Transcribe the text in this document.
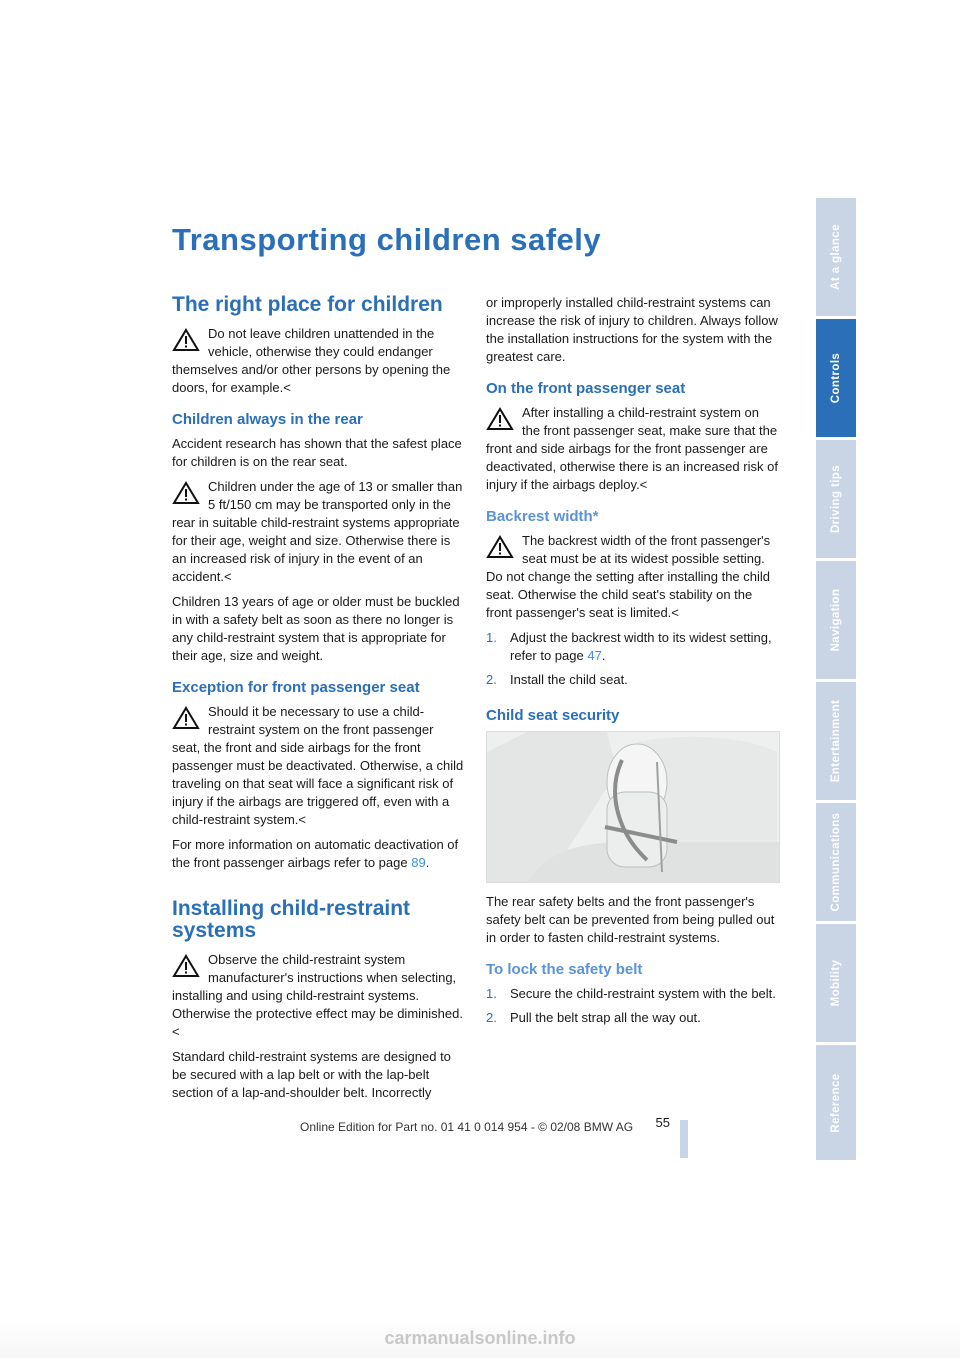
Transporting children safely
The right place for children

Do not leave children unattended in the vehicle, otherwise they could endanger themselves and/or other persons by opening the doors, for example.<

Children always in the rear

Accident research has shown that the safest place for children is on the rear seat.

Children under the age of 13 or smaller than 5 ft/150 cm may be transported only in the rear in suitable child-restraint systems appropriate for their age, weight and size. Otherwise there is an increased risk of injury in the event of an accident.<

Children 13 years of age or older must be buckled in with a safety belt as soon as there no longer is any child-restraint system that is appropriate for their age, size and weight.

Exception for front passenger seat

Should it be necessary to use a child-restraint system on the front passenger seat, the front and side airbags for the front passenger must be deactivated. Otherwise, a child traveling on that seat will face a significant risk of injury if the airbags are triggered off, even with a child-restraint system.<

For more information on automatic deactivation of the front passenger airbags refer to page 89.

Installing child-restraint systems

Observe the child-restraint system manufacturer's instructions when selecting, installing and using child-restraint systems. Otherwise the protective effect may be diminished. <

Standard child-restraint systems are designed to be secured with a lap belt or with the lap-belt section of a lap-and-shoulder belt. Incorrectly

or improperly installed child-restraint systems can increase the risk of injury to children. Always follow the installation instructions for the system with the greatest care.

On the front passenger seat

After installing a child-restraint system on the front passenger seat, make sure that the front and side airbags for the front passenger are deactivated, otherwise there is an increased risk of injury if the airbags deploy.<

Backrest width*

The backrest width of the front passenger's seat must be at its widest possible setting. Do not change the setting after installing the child seat. Otherwise the child seat's stability on the front passenger's seat is limited.<

1.	Adjust the backrest width to its widest setting, refer to page 47.
2.	Install the child seat.
Child seat security

The rear safety belts and the front passenger's safety belt can be prevented from being pulled out in order to fasten child-restraint systems.

To lock the safety belt
1.	Secure the child-restraint system with the belt.
2.	Pull the belt strap all the way out.
At a glance
Controls
Driving tips
Navigation
Entertainment
Communications
Mobility
Reference
55
Online Edition for Part no. 01 41 0 014 954 - © 02/08 BMW AG
carmanualsonline.info
